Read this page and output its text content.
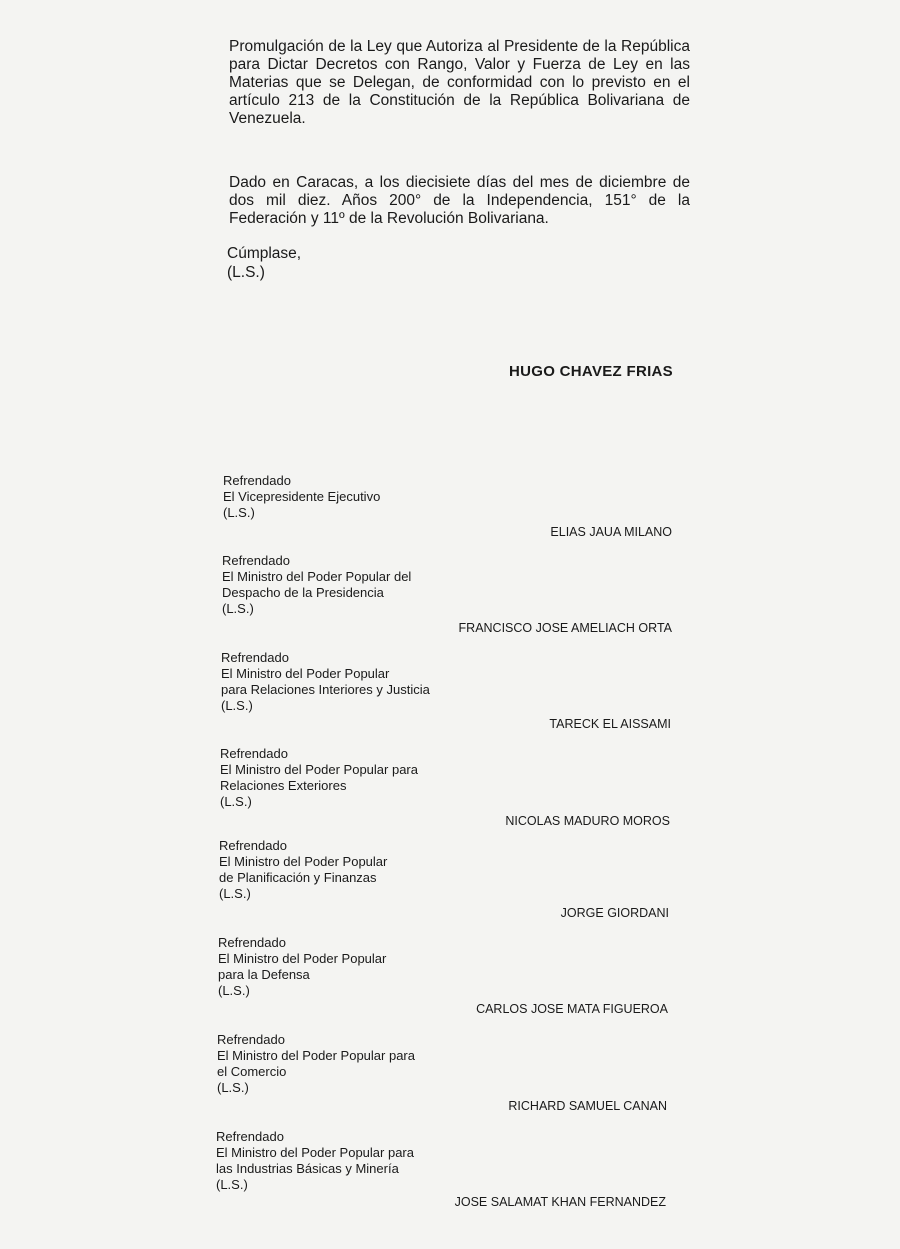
Promulgación de la Ley que Autoriza al Presidente de la República
para Dictar Decretos con Rango, Valor y Fuerza de Ley en las
Materias que se Delegan, de conformidad con lo previsto en el
artículo 213 de la Constitución de la República Bolivariana de
Venezuela.
Dado en Caracas, a los diecisiete días del mes de diciembre de
dos mil diez. Años 200° de la Independencia, 151° de la
Federación y 11º de la Revolución Bolivariana.
Cúmplase,
(L.S.)
HUGO CHAVEZ FRIAS
Refrendado
El Vicepresidente Ejecutivo
(L.S.)
ELIAS JAUA MILANO
Refrendado
El Ministro del Poder Popular del
Despacho de la Presidencia
(L.S.)
FRANCISCO JOSE AMELIACH ORTA
Refrendado
El Ministro del Poder Popular
para Relaciones Interiores y Justicia
(L.S.)
TARECK EL AISSAMI
Refrendado
El Ministro del Poder Popular para
Relaciones Exteriores
(L.S.)
NICOLAS MADURO MOROS
Refrendado
El Ministro del Poder Popular
de Planificación y Finanzas
(L.S.)
JORGE GIORDANI
Refrendado
El Ministro del Poder Popular
para la Defensa
(L.S.)
CARLOS JOSE MATA FIGUEROA
Refrendado
El Ministro del Poder Popular para
el Comercio
(L.S.)
RICHARD SAMUEL CANAN
Refrendado
El Ministro del Poder Popular para
las Industrias Básicas y Minería
(L.S.)
JOSE SALAMAT KHAN FERNANDEZ
